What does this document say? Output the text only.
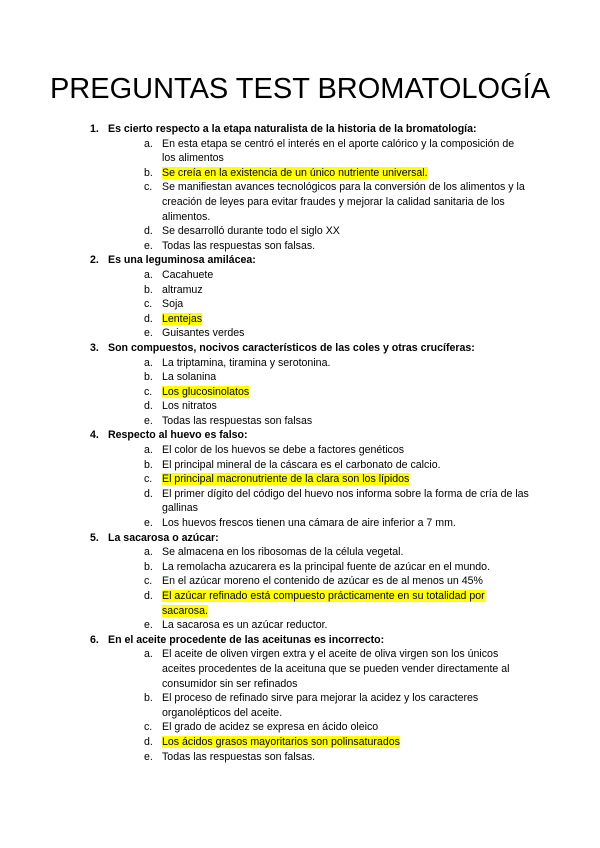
PREGUNTAS TEST BROMATOLOGÍA
1. Es cierto respecto a la etapa naturalista de la historia de la bromatología:
a. En esta etapa se centró el interés en el aporte calórico y la composición de los alimentos
b. Se creía en la existencia de un único nutriente universal.
c. Se manifiestan avances tecnológicos para la conversión de los alimentos y la creación de leyes para evitar fraudes y mejorar la calidad sanitaria de los alimentos.
d. Se desarrolló durante todo el siglo XX
e. Todas las respuestas son falsas.
2. Es una leguminosa amilácea:
a. Cacahuete
b. altramuz
c. Soja
d. Lentejas
e. Guisantes verdes
3. Son compuestos, nocivos característicos de las coles y otras crucíferas:
a. La triptamina, tiramina y serotonina.
b. La solanina
c. Los glucosinolatos
d. Los nitratos
e. Todas las respuestas son falsas
4. Respecto al huevo es falso:
a. El color de los huevos se debe a factores genéticos
b. El principal mineral de la cáscara es el carbonato de calcio.
c. El principal macronutriente de la clara son los lípidos
d. El primer dígito del código del huevo nos informa sobre la forma de cría de las gallinas
e. Los huevos frescos tienen una cámara de aire inferior a 7 mm.
5. La sacarosa o azúcar:
a. Se almacena en los ribosomas de la célula vegetal.
b. La remolacha azucarera es la principal fuente de azúcar en el mundo.
c. En el azúcar moreno el contenido de azúcar es de al menos un 45%
d. El azúcar refinado está compuesto prácticamente en su totalidad por sacarosa.
e. La sacarosa es un azúcar reductor.
6. En el aceite procedente de las aceitunas es incorrecto:
a. El aceite de oliven virgen extra y el aceite de oliva virgen son los únicos aceites procedentes de la aceituna que se pueden vender directamente al consumidor sin ser refinados
b. El proceso de refinado sirve para mejorar la acidez y los caracteres organolépticos del aceite.
c. El grado de acidez se expresa en ácido oleico
d. Los ácidos grasos mayoritarios son polinsaturados
e. Todas las respuestas son falsas.
